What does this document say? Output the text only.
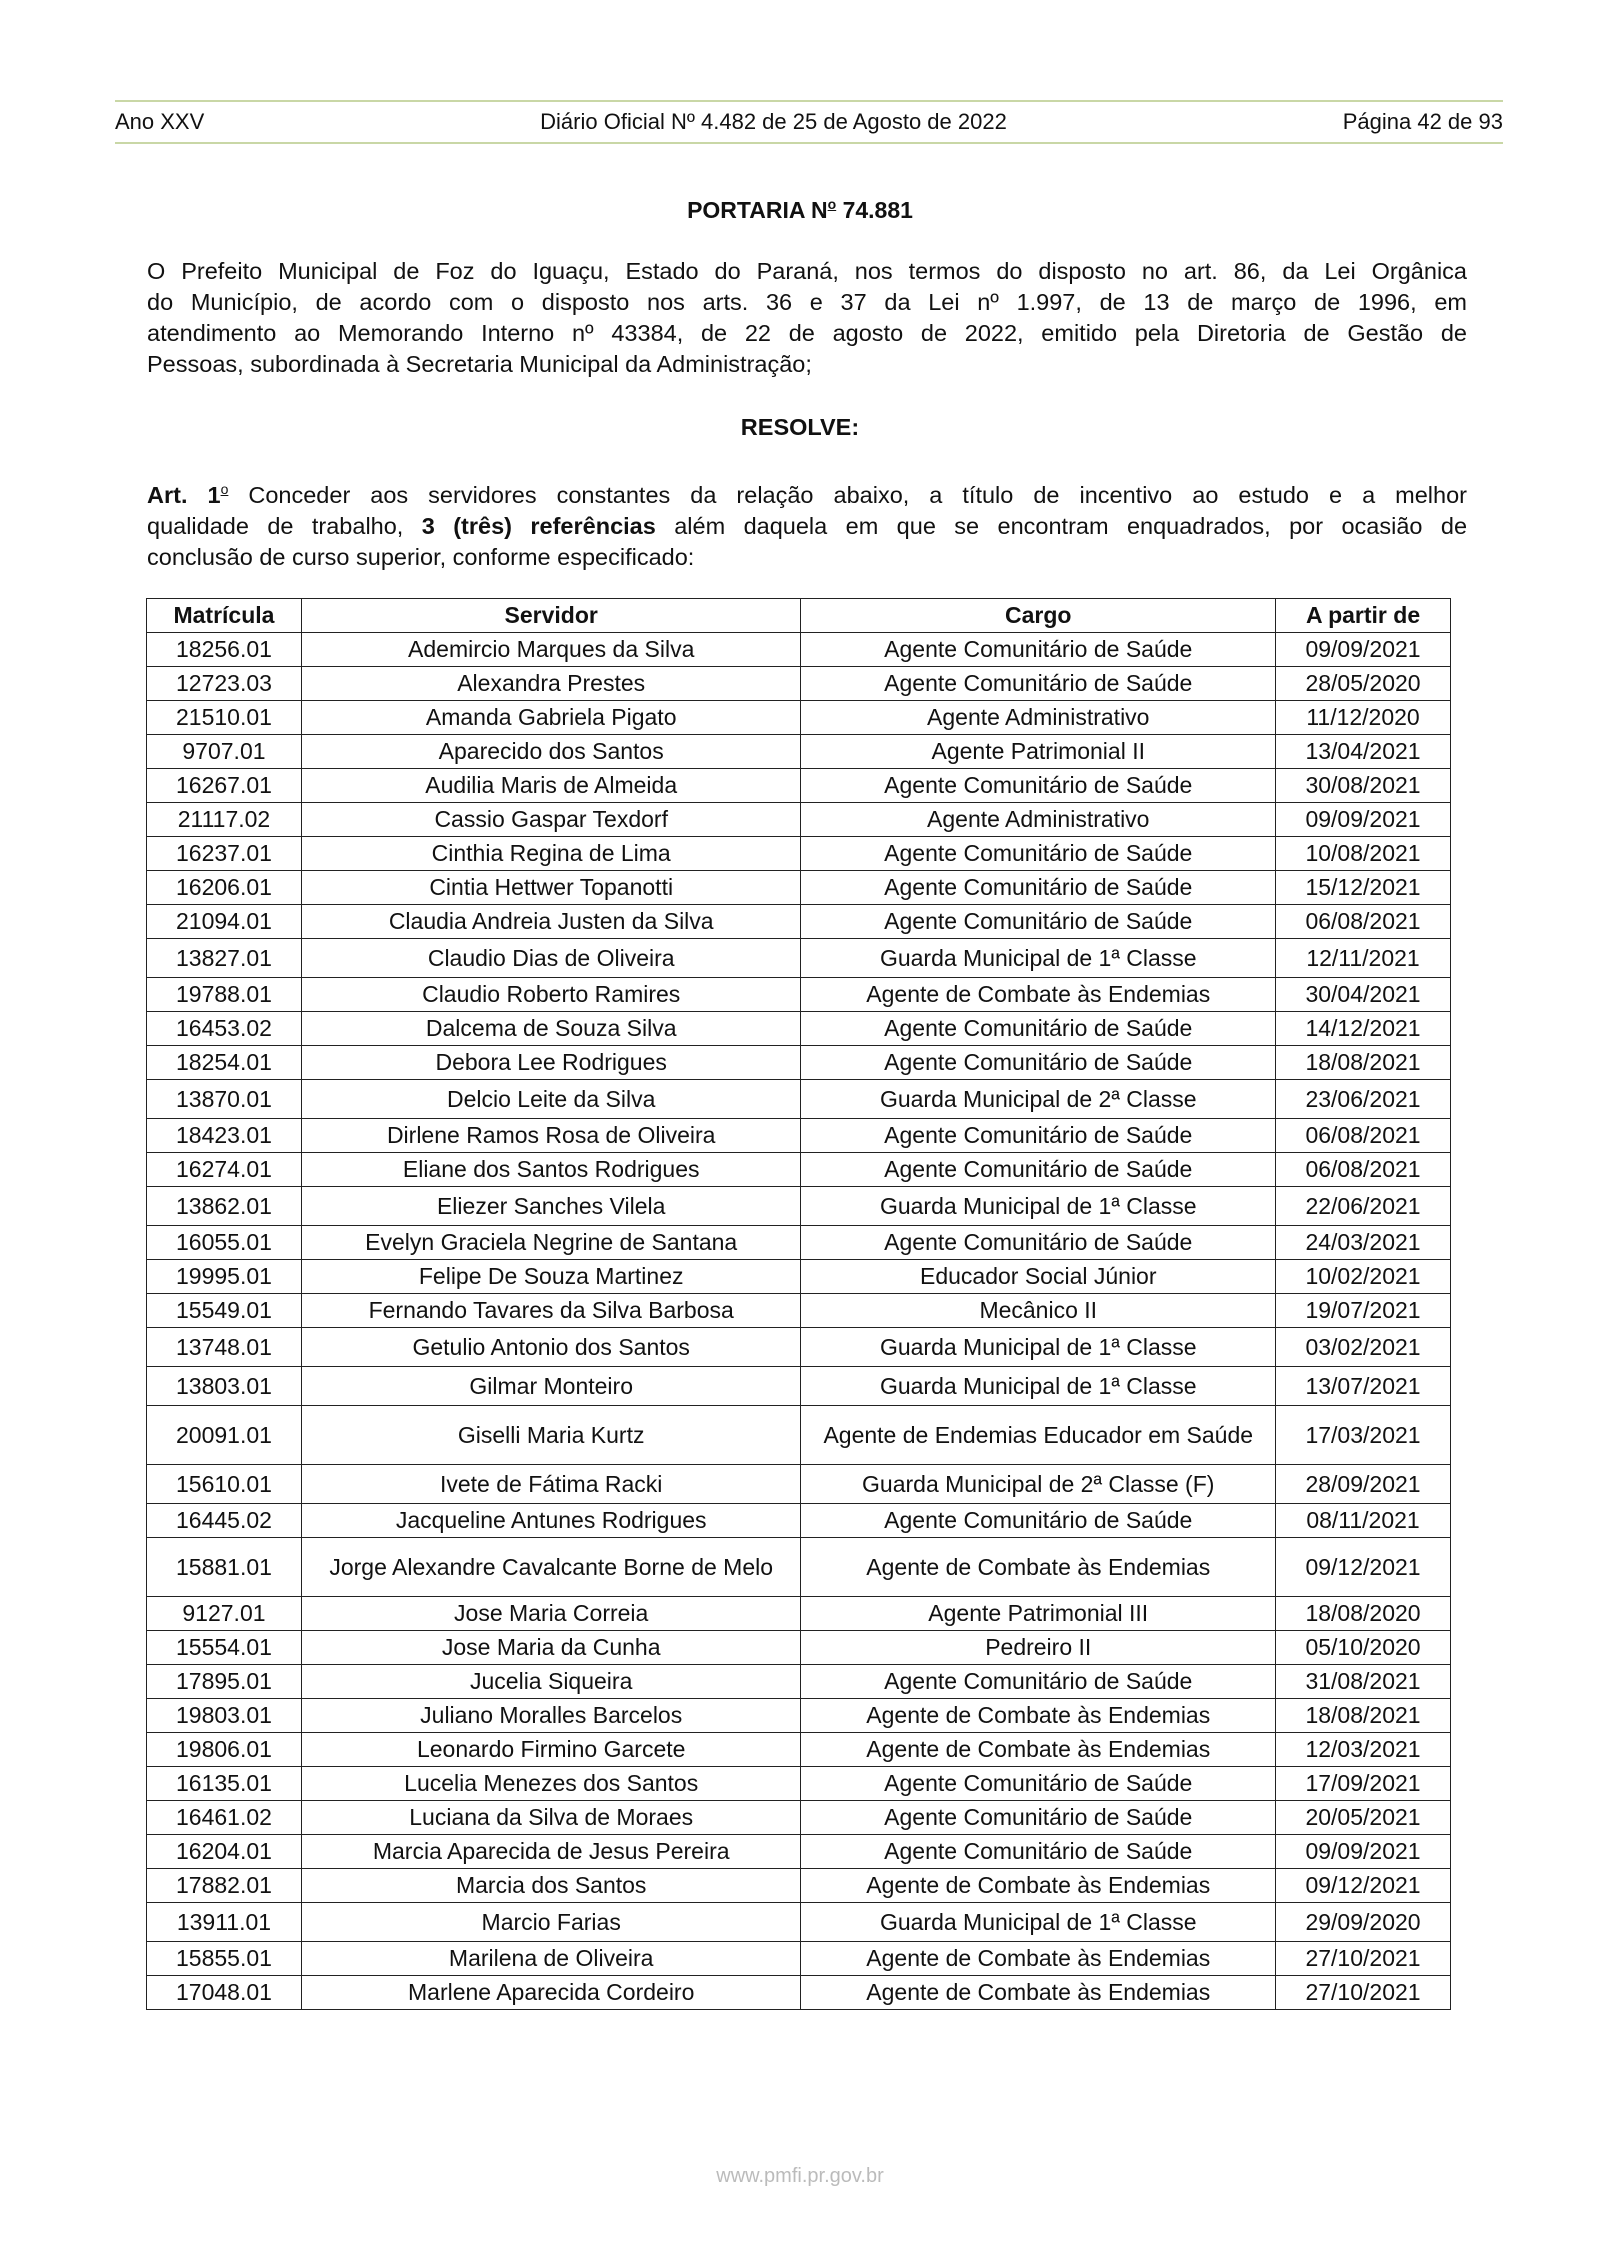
Ano XXV	Diário Oficial Nº 4.482 de 25 de Agosto de 2022	Página 42 de 93
PORTARIA $N^o$ 74.881
O Prefeito Municipal de Foz do Iguaçu, Estado do Paraná, nos termos do disposto no art. 86, da Lei Orgânica
do Município, de acordo com o disposto nos arts. 36 e 37 da Lei nº 1.997, de 13 de março de 1996, em
atendimento ao Memorando Interno nº 43384, de 22 de agosto de 2022, emitido pela Diretoria de Gestão de
Pessoas, subordinada à Secretaria Municipal da Administração;
RESOLVE:
Art. 1$^o$ Conceder aos servidores constantes da relação abaixo, a título de incentivo ao estudo e a melhor
qualidade de trabalho, 3 (três) referências além daquela em que se encontram enquadrados, por ocasião de
conclusão de curso superior, conforme especificado:
Matrícula	Servidor	Cargo	A partir de
18256.01	Ademircio Marques da Silva	Agente Comunitário de Saúde	09/09/2021
12723.03	Alexandra Prestes	Agente Comunitário de Saúde	28/05/2020
21510.01	Amanda Gabriela Pigato	Agente Administrativo	11/12/2020
9707.01	Aparecido dos Santos	Agente Patrimonial II	13/04/2021
16267.01	Audilia Maris de Almeida	Agente Comunitário de Saúde	30/08/2021
21117.02	Cassio Gaspar Texdorf	Agente Administrativo	09/09/2021
16237.01	Cinthia Regina de Lima	Agente Comunitário de Saúde	10/08/2021
16206.01	Cintia Hettwer Topanotti	Agente Comunitário de Saúde	15/12/2021
21094.01	Claudia Andreia Justen da Silva	Agente Comunitário de Saúde	06/08/2021
13827.01	Claudio Dias de Oliveira	Guarda Municipal de 1ª Classe	12/11/2021
19788.01	Claudio Roberto Ramires	Agente de Combate às Endemias	30/04/2021
16453.02	Dalcema de Souza Silva	Agente Comunitário de Saúde	14/12/2021
18254.01	Debora Lee Rodrigues	Agente Comunitário de Saúde	18/08/2021
13870.01	Delcio Leite da Silva	Guarda Municipal de 2ª Classe	23/06/2021
18423.01	Dirlene Ramos Rosa de Oliveira	Agente Comunitário de Saúde	06/08/2021
16274.01	Eliane dos Santos Rodrigues	Agente Comunitário de Saúde	06/08/2021
13862.01	Eliezer Sanches Vilela	Guarda Municipal de 1ª Classe	22/06/2021
16055.01	Evelyn Graciela Negrine de Santana	Agente Comunitário de Saúde	24/03/2021
19995.01	Felipe De Souza Martinez	Educador Social Júnior	10/02/2021
15549.01	Fernando Tavares da Silva Barbosa	Mecânico II	19/07/2021
13748.01	Getulio Antonio dos Santos	Guarda Municipal de 1ª Classe	03/02/2021
13803.01	Gilmar Monteiro	Guarda Municipal de 1ª Classe	13/07/2021
20091.01	Giselli Maria Kurtz	Agente de Endemias Educador em Saúde	17/03/2021
15610.01	Ivete de Fátima Racki	Guarda Municipal de 2ª Classe (F)	28/09/2021
16445.02	Jacqueline Antunes Rodrigues	Agente Comunitário de Saúde	08/11/2021
15881.01	Jorge Alexandre Cavalcante Borne de Melo	Agente de Combate às Endemias	09/12/2021
9127.01	Jose Maria Correia	Agente Patrimonial III	18/08/2020
15554.01	Jose Maria da Cunha	Pedreiro II	05/10/2020
17895.01	Jucelia Siqueira	Agente Comunitário de Saúde	31/08/2021
19803.01	Juliano Moralles Barcelos	Agente de Combate às Endemias	18/08/2021
19806.01	Leonardo Firmino Garcete	Agente de Combate às Endemias	12/03/2021
16135.01	Lucelia Menezes dos Santos	Agente Comunitário de Saúde	17/09/2021
16461.02	Luciana da Silva de Moraes	Agente Comunitário de Saúde	20/05/2021
16204.01	Marcia Aparecida de Jesus Pereira	Agente Comunitário de Saúde	09/09/2021
17882.01	Marcia dos Santos	Agente de Combate às Endemias	09/12/2021
13911.01	Marcio Farias	Guarda Municipal de 1ª Classe	29/09/2020
15855.01	Marilena de Oliveira	Agente de Combate às Endemias	27/10/2021
17048.01	Marlene Aparecida Cordeiro	Agente de Combate às Endemias	27/10/2021
www.pmfi.pr.gov.br
